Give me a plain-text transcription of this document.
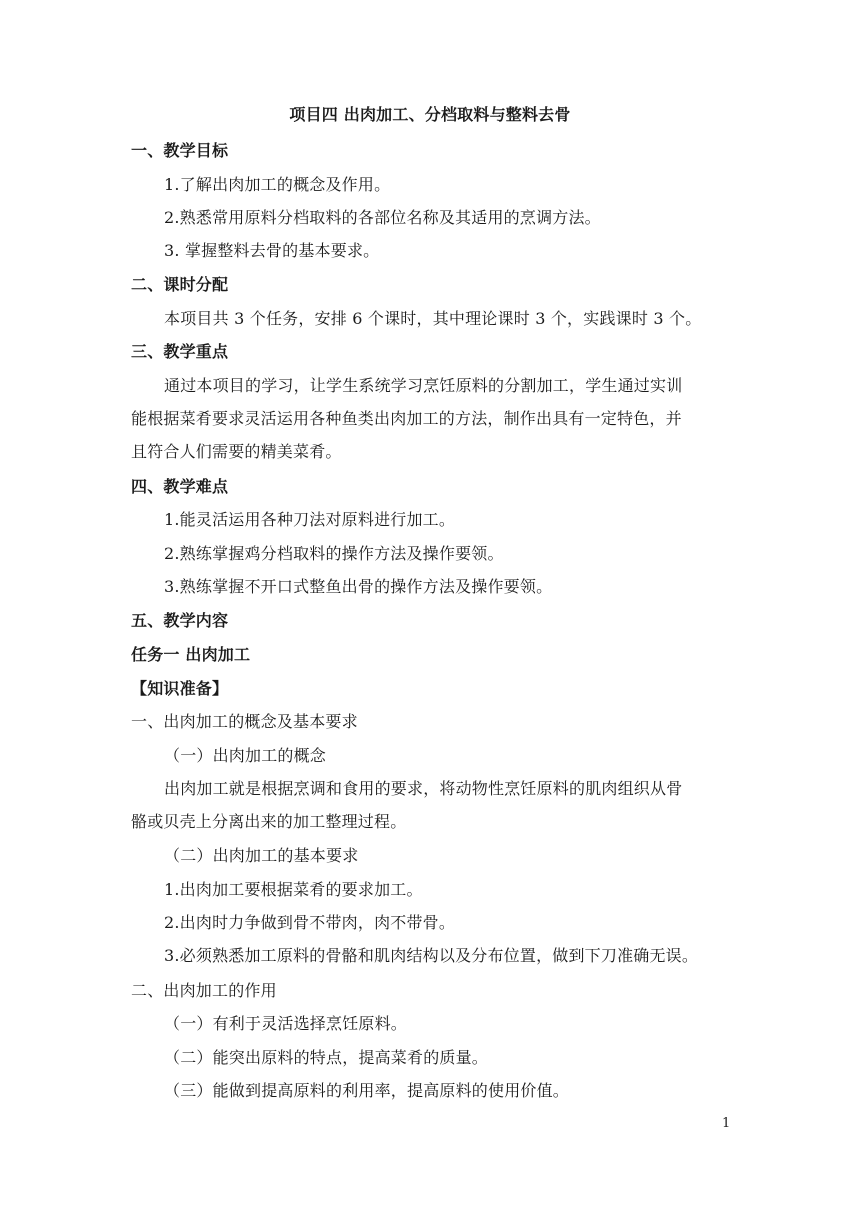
项目四 出肉加工、分档取料与整料去骨
一、教学目标
1.了解出肉加工的概念及作用。
2.熟悉常用原料分档取料的各部位名称及其适用的烹调方法。
3. 掌握整料去骨的基本要求。
二、课时分配
本项目共 3 个任务，安排 6 个课时，其中理论课时 3 个，实践课时 3 个。
三、教学重点
通过本项目的学习，让学生系统学习烹饪原料的分割加工，学生通过实训
能根据菜肴要求灵活运用各种鱼类出肉加工的方法，制作出具有一定特色，并
且符合人们需要的精美菜肴。
四、教学难点
1.能灵活运用各种刀法对原料进行加工。
2.熟练掌握鸡分档取料的操作方法及操作要领。
3.熟练掌握不开口式整鱼出骨的操作方法及操作要领。
五、教学内容
任务一 出肉加工
【知识准备】
一、出肉加工的概念及基本要求
（一）出肉加工的概念
出肉加工就是根据烹调和食用的要求，将动物性烹饪原料的肌肉组织从骨
骼或贝壳上分离出来的加工整理过程。
（二）出肉加工的基本要求
1.出肉加工要根据菜肴的要求加工。
2.出肉时力争做到骨不带肉，肉不带骨。
3.必须熟悉加工原料的骨骼和肌肉结构以及分布位置，做到下刀准确无误。
二、出肉加工的作用
（一）有利于灵活选择烹饪原料。
（二）能突出原料的特点，提高菜肴的质量。
（三）能做到提高原料的利用率，提高原料的使用价值。
1
